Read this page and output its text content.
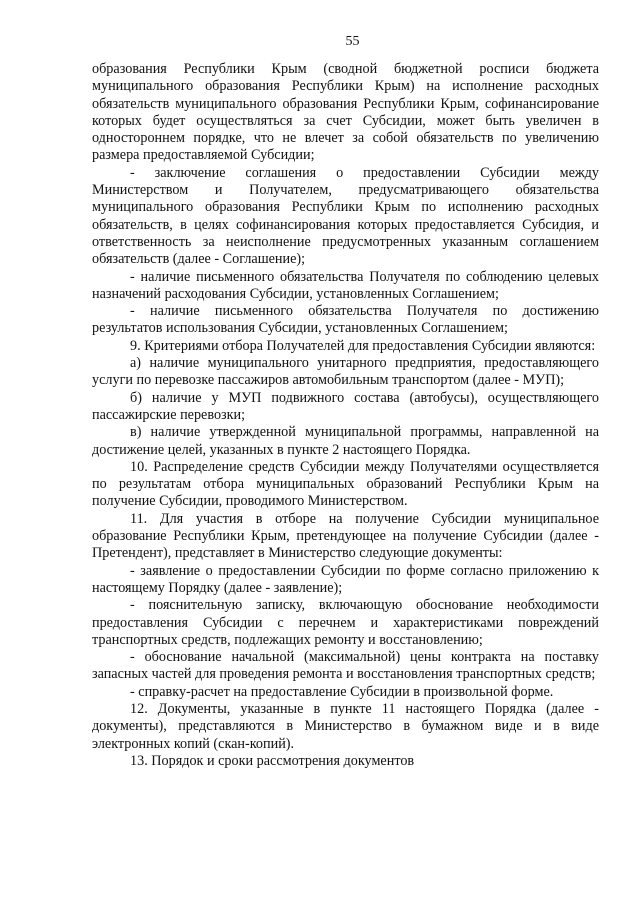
55

образования Республики Крым (сводной бюджетной росписи бюджета муниципального образования Республики Крым) на исполнение расходных обязательств муниципального образования Республики Крым, софинансирование которых будет осуществляться за счет Субсидии, может быть увеличен в одностороннем порядке, что не влечет за собой обязательств по увеличению размера предоставляемой Субсидии;

- заключение соглашения о предоставлении Субсидии между Министерством и Получателем, предусматривающего обязательства муниципального образования Республики Крым по исполнению расходных обязательств, в целях софинансирования которых предоставляется Субсидия, и ответственность за неисполнение предусмотренных указанным соглашением обязательств (далее - Соглашение);

- наличие письменного обязательства Получателя по соблюдению целевых назначений расходования Субсидии, установленных Соглашением;

- наличие письменного обязательства Получателя по достижению результатов использования Субсидии, установленных Соглашением;

9. Критериями отбора Получателей для предоставления Субсидии являются:

а) наличие муниципального унитарного предприятия, предоставляющего услуги по перевозке пассажиров автомобильным транспортом (далее - МУП);

б) наличие у МУП подвижного состава (автобусы), осуществляющего пассажирские перевозки;

в) наличие утвержденной муниципальной программы, направленной на достижение целей, указанных в пункте 2 настоящего Порядка.

10. Распределение средств Субсидии между Получателями осуществляется по результатам отбора муниципальных образований Республики Крым на получение Субсидии, проводимого Министерством.

11. Для участия в отборе на получение Субсидии муниципальное образование Республики Крым, претендующее на получение Субсидии (далее - Претендент), представляет в Министерство следующие документы:

- заявление о предоставлении Субсидии по форме согласно приложению к настоящему Порядку (далее - заявление);

- пояснительную записку, включающую обоснование необходимости предоставления Субсидии с перечнем и характеристиками повреждений транспортных средств, подлежащих ремонту и восстановлению;

- обоснование начальной (максимальной) цены контракта на поставку запасных частей для проведения ремонта и восстановления транспортных средств;

- справку-расчет на предоставление Субсидии в произвольной форме.

12. Документы, указанные в пункте 11 настоящего Порядка (далее - документы), представляются в Министерство в бумажном виде и в виде электронных копий (скан-копий).

13. Порядок и сроки рассмотрения документов
